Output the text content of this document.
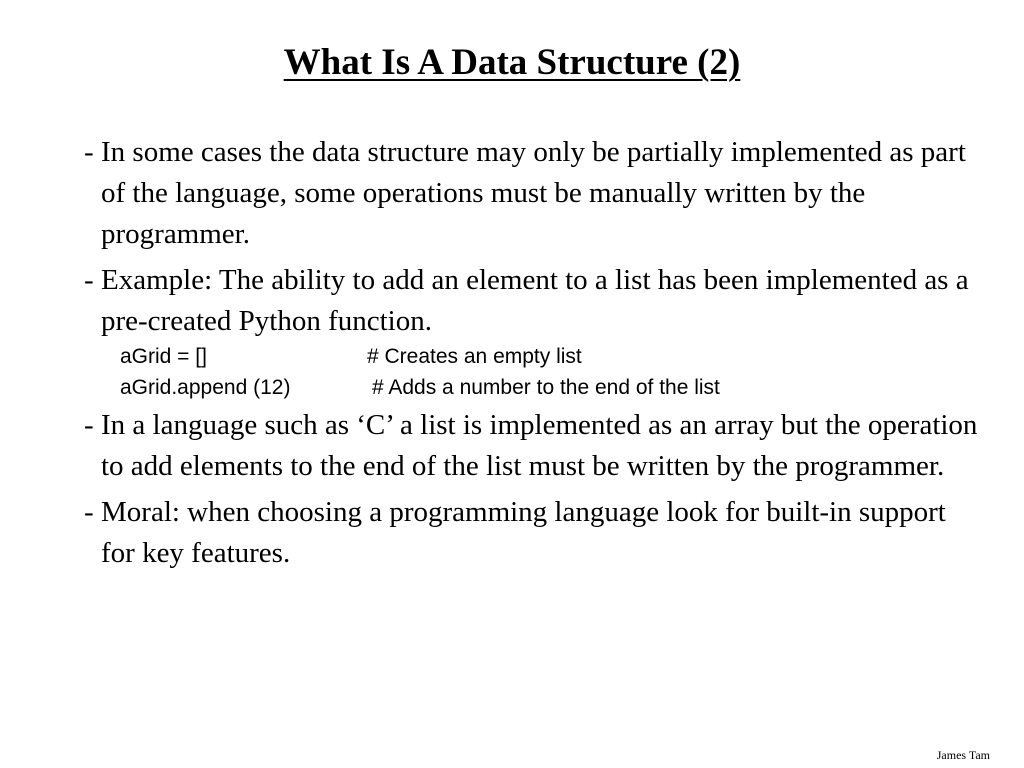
What Is A Data Structure (2)
- In some cases the data structure may only be partially implemented as part of the language, some operations must be manually written by the programmer.
- Example: The ability to add an element to a list has been implemented as a pre-created Python function.
aGrid = []	# Creates an empty list
aGrid.append (12)	# Adds a number to the end of the list
- In a language such as ‘C’ a list is implemented as an array but the operation to add elements to the end of the list must be written by the programmer.
- Moral: when choosing a programming language look for built-in support for key features.
James Tam
